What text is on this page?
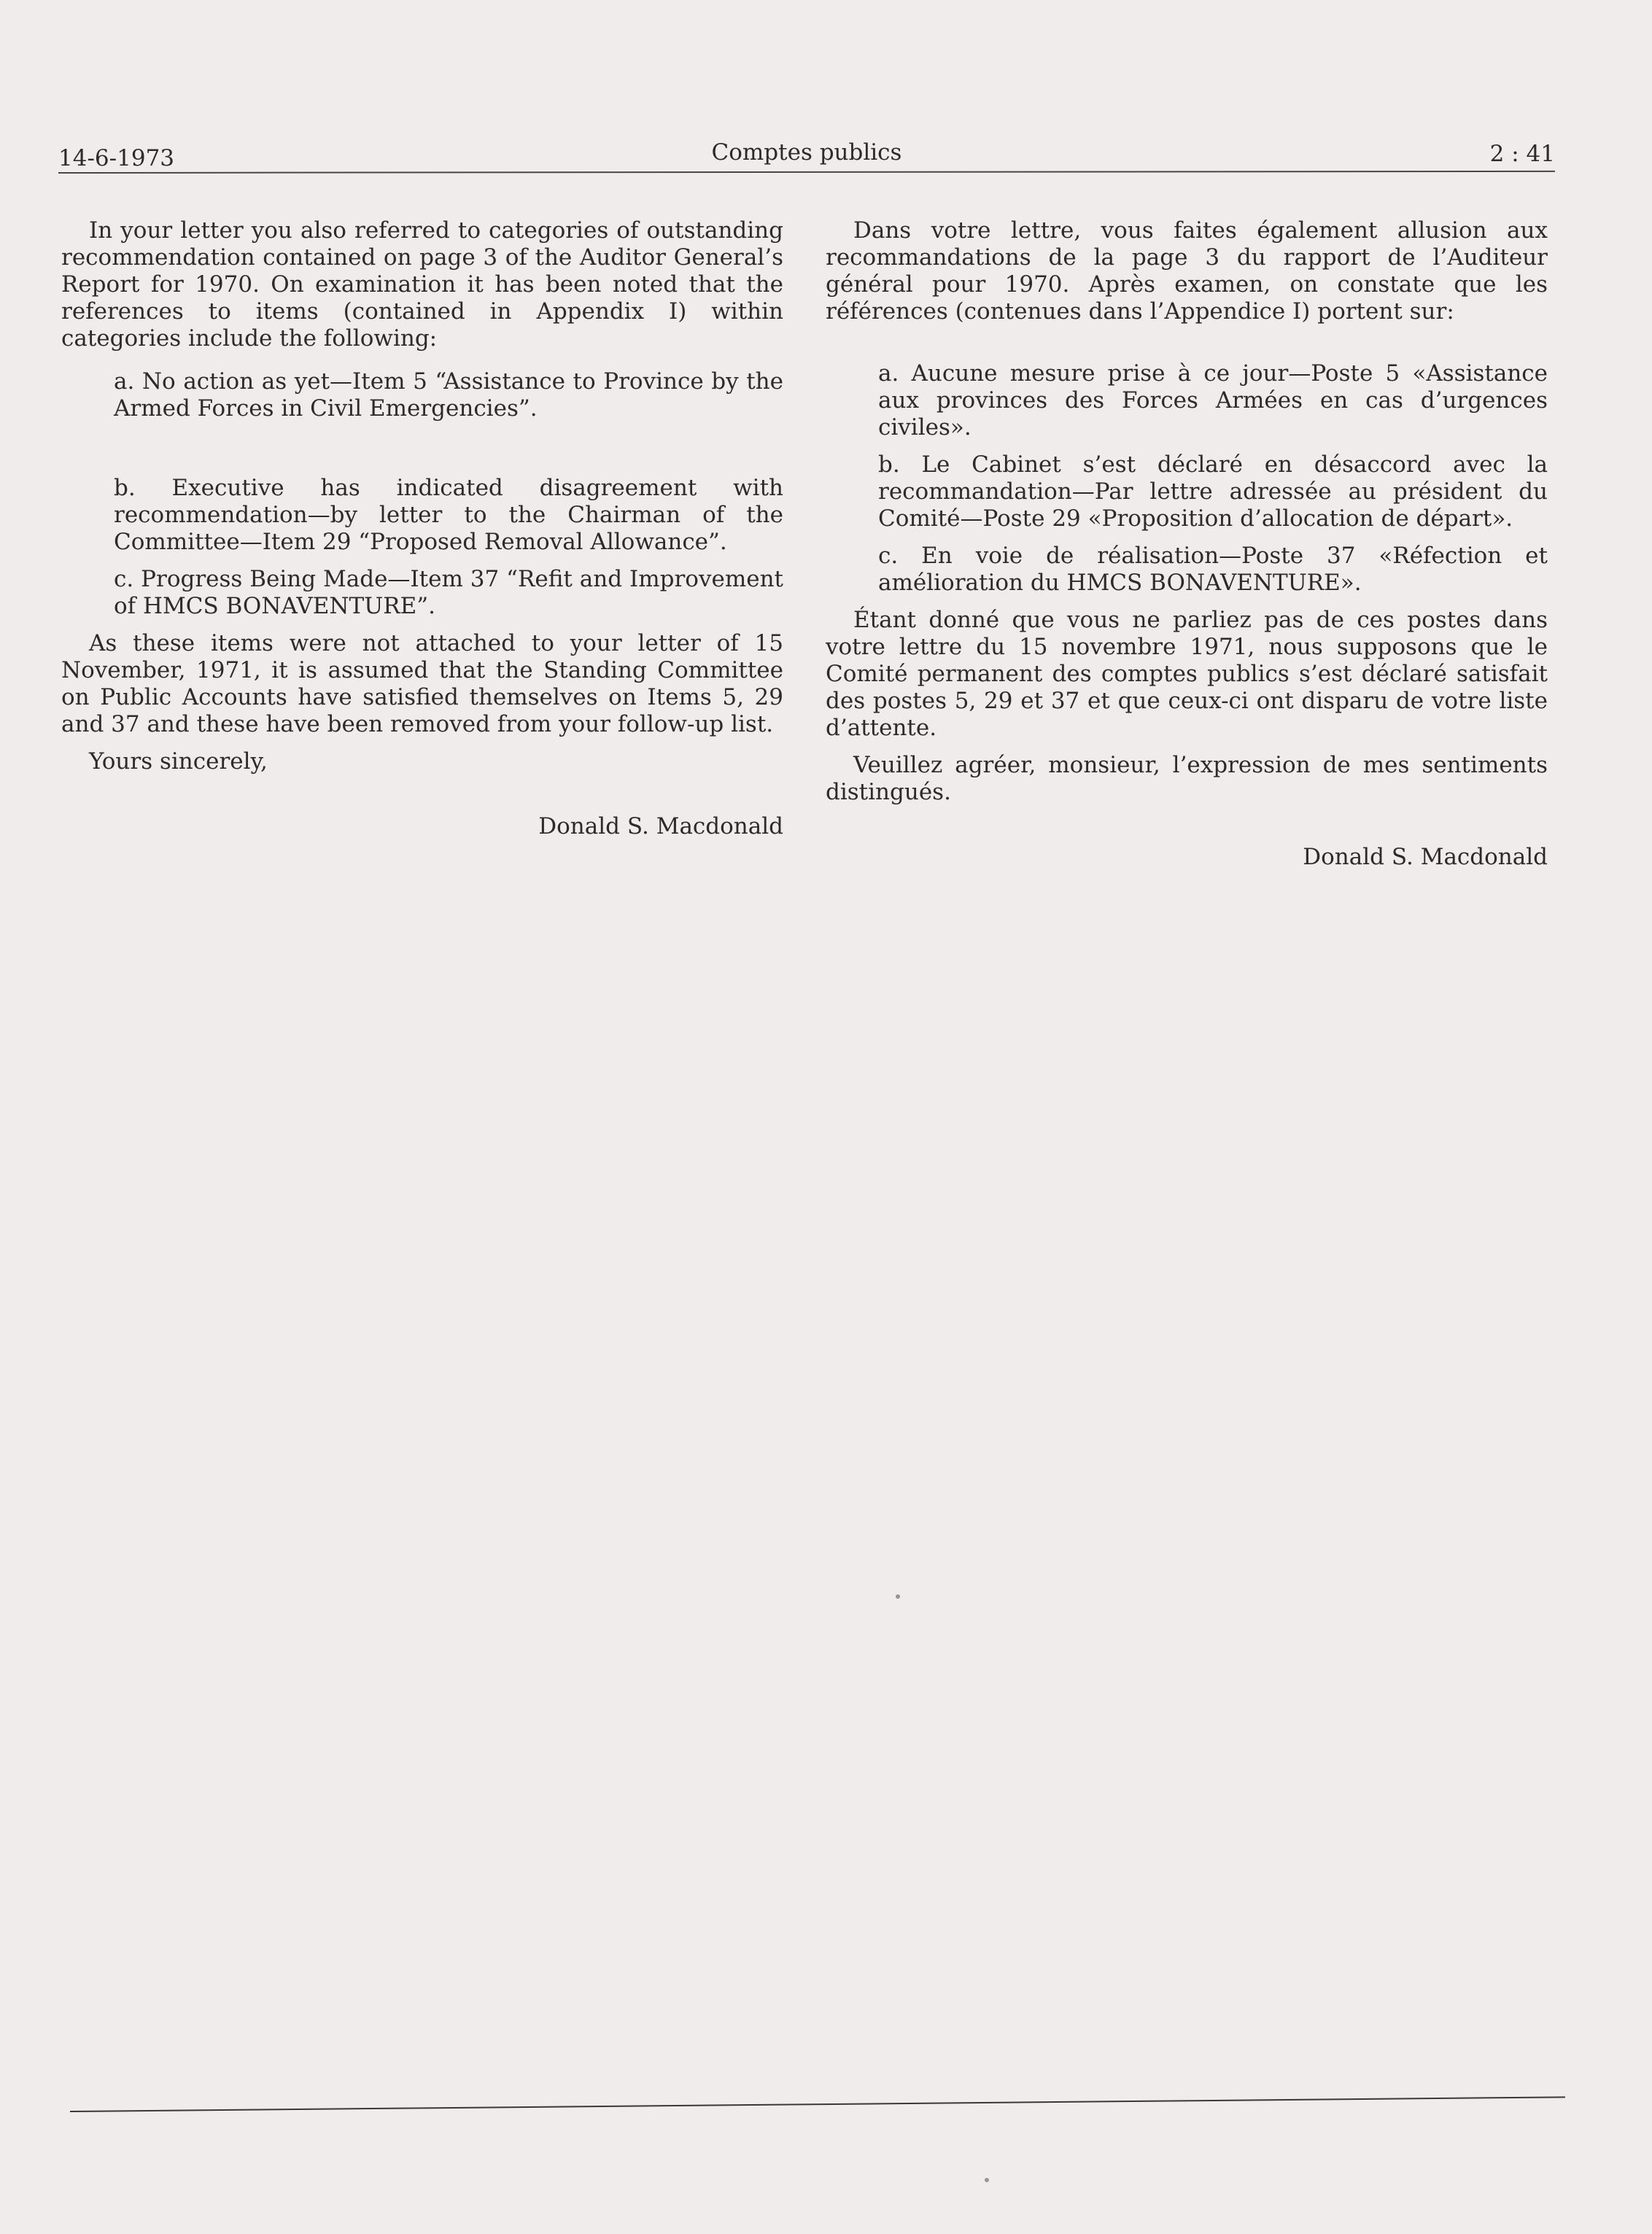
14-6-1973	Comptes publics	2 : 41

In your letter you also referred to categories of outstanding recommendation contained on page 3 of the Auditor General’s Report for 1970. On examination it has been noted that the references to items (contained in Appendix I) within categories include the following:

a. No action as yet—Item 5 “Assistance to Province by the Armed Forces in Civil Emergencies”.

b. Executive has indicated disagreement with recommendation—by letter to the Chairman of the Committee—Item 29 “Proposed Removal Allowance”.

c. Progress Being Made—Item 37 “Refit and Improvement of HMCS BONAVENTURE”.

As these items were not attached to your letter of 15 November, 1971, it is assumed that the Standing Committee on Public Accounts have satisfied themselves on Items 5, 29 and 37 and these have been removed from your follow-up list.

Yours sincerely,

Donald S. Macdonald

Dans votre lettre, vous faites également allusion aux recommandations de la page 3 du rapport de l’Auditeur général pour 1970. Après examen, on constate que les références (contenues dans l’Appendice I) portent sur:

a. Aucune mesure prise à ce jour—Poste 5 «Assistance aux provinces des Forces Armées en cas d’urgences civiles».

b. Le Cabinet s’est déclaré en désaccord avec la recommandation—Par lettre adressée au président du Comité—Poste 29 «Proposition d’allocation de départ».

c. En voie de réalisation—Poste 37 «Réfection et amélioration du HMCS BONAVENTURE».

Étant donné que vous ne parliez pas de ces postes dans votre lettre du 15 novembre 1971, nous supposons que le Comité permanent des comptes publics s’est déclaré satisfait des postes 5, 29 et 37 et que ceux-ci ont disparu de votre liste d’attente.

Veuillez agréer, monsieur, l’expression de mes sentiments distingués.

Donald S. Macdonald
